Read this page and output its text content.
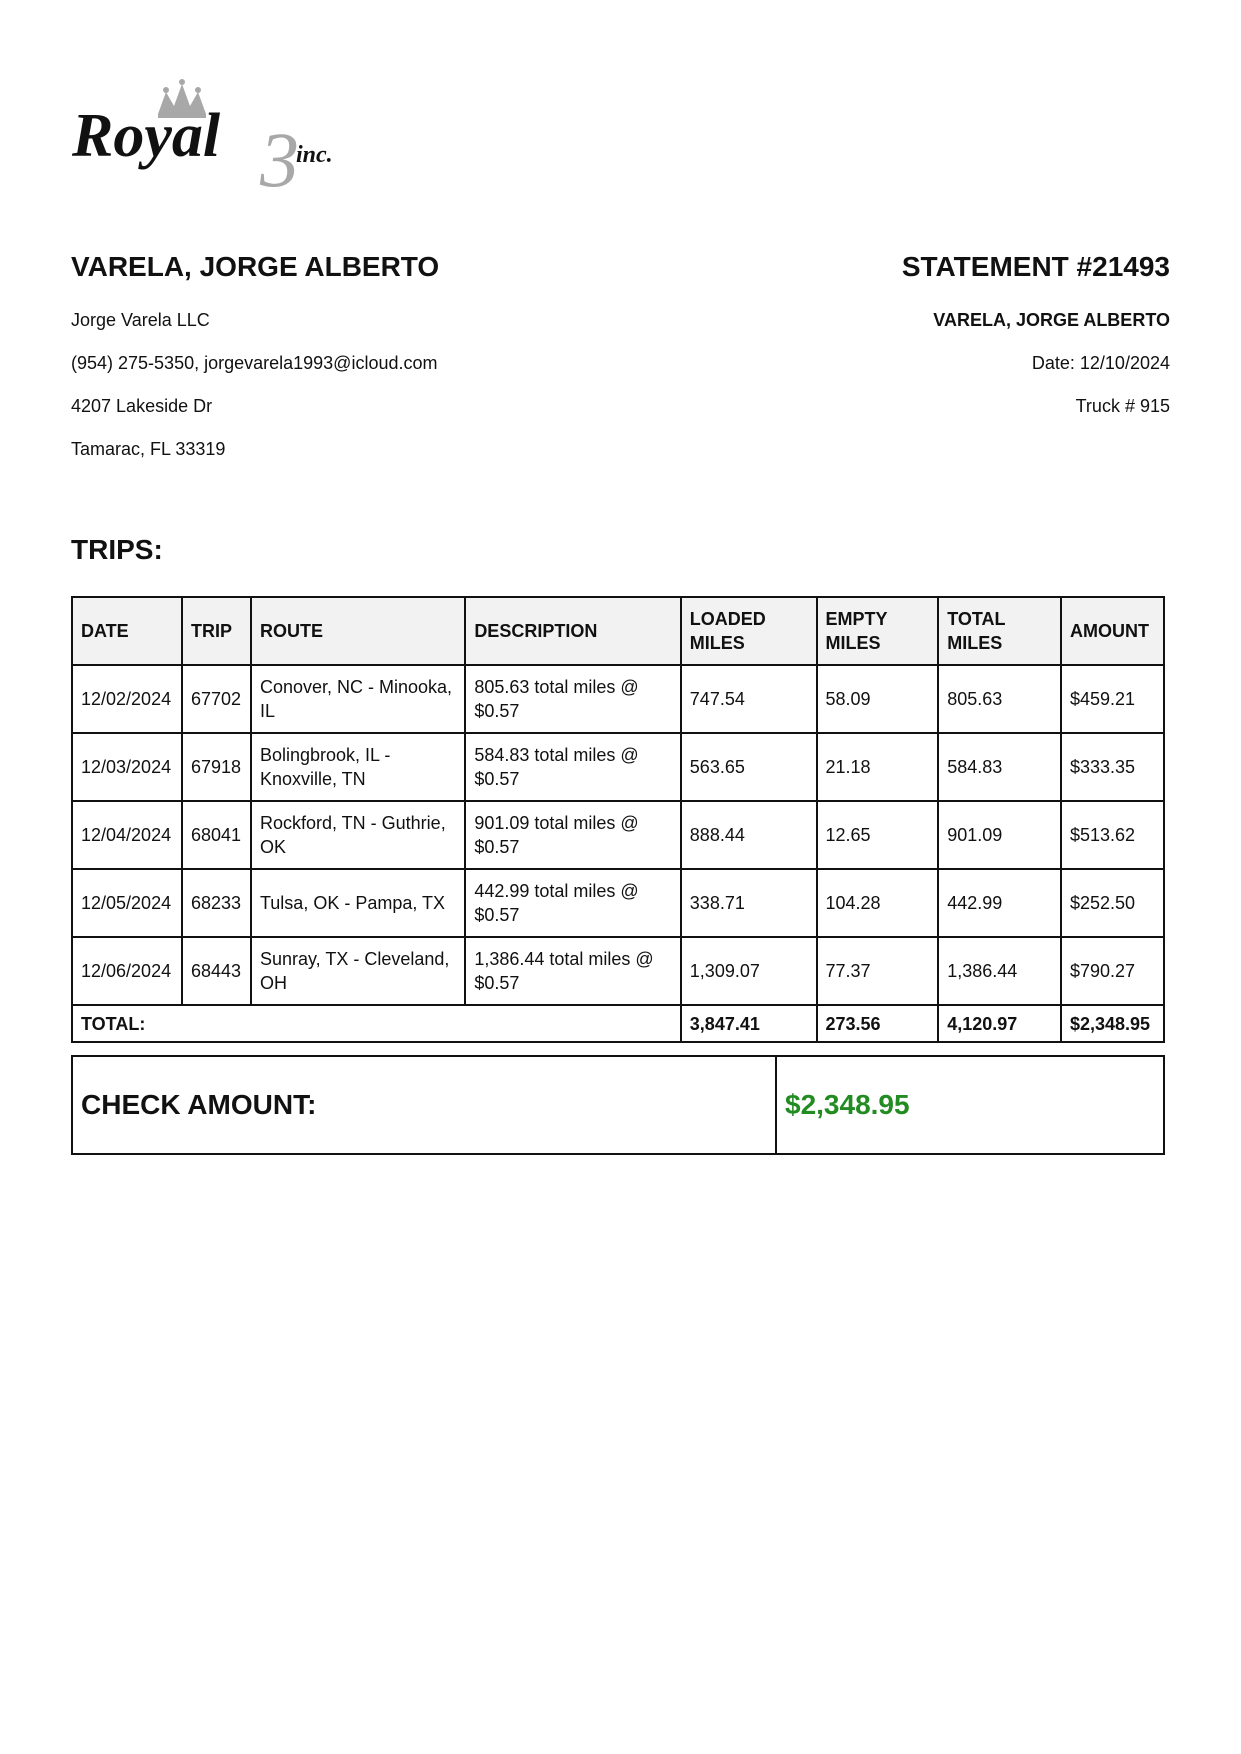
3
Royal	inc.

VARELA, JORGE ALBERTO

Jorge Varela LLC

(954) 275-5350, jorgevarela1993@icloud.com

4207 Lakeside Dr

Tamarac, FL 33319

STATEMENT #21493

VARELA, JORGE ALBERTO

Date: 12/10/2024

Truck # 915

TRIPS:
DATE	TRIP	ROUTE	DESCRIPTION	LOADED MILES	EMPTY MILES	TOTAL MILES	AMOUNT
12/02/2024	67702	Conover, NC - Minooka, IL	805.63 total miles @ $0.57	747.54	58.09	805.63	$459.21
12/03/2024	67918	Bolingbrook, IL - Knoxville, TN	584.83 total miles @ $0.57	563.65	21.18	584.83	$333.35
12/04/2024	68041	Rockford, TN - Guthrie, OK	901.09 total miles @ $0.57	888.44	12.65	901.09	$513.62
12/05/2024	68233	Tulsa, OK - Pampa, TX	442.99 total miles @ $0.57	338.71	104.28	442.99	$252.50
12/06/2024	68443	Sunray, TX - Cleveland, OH	1,386.44 total miles @ $0.57	1,309.07	77.37	1,386.44	$790.27
TOTAL:				3,847.41	273.56	4,120.97	$2,348.95
CHECK AMOUNT:	$2,348.95
